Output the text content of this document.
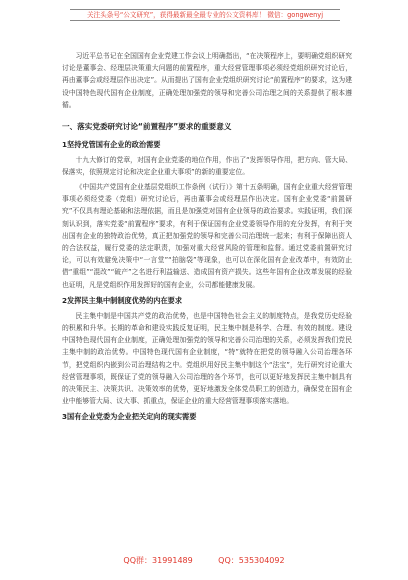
关注头条号“公文研究”，获得最新最全最专业的公文资料库！ 微信：gongwenyj

习近平总书记在全国国有企业党建工作会议上明确指出，“在决策程序上，要明确党组织研究讨论是董事会、经理层决策重大问题的前置程序，重大经营管理事项必须经党组织研究讨论后，再由董事会或经理层作出决定”。从而提出了国有企业党组织研究讨论“前置程序”的要求，这为建设中国特色现代国有企业制度，正确处理加强党的领导和完善公司治理之间的关系提供了根本遵循。

一、落实党委研究讨论“前置程序”要求的重要意义
1坚持党管国有企业的政治需要

十九大修订的党章，对国有企业党委的地位作用，作出了“发挥领导作用，把方向、管大局、保落实，依照规定讨论和决定企业重大事项”的新的重要定位。

《中国共产党国有企业基层党组织工作条例（试行）》第十五条明确，国有企业重大经营管理事项必须经党委（党组）研究讨论后，再由董事会或经理层作出决定。国有企业党委“前置研究”不仅具有理论基础和法理依据，而且是加强党对国有企业领导的政治要求。实践证明，我们深刻认识到，落实党委“前置程序”要求，有利于保证国有企业党委领导作用的充分发挥，有利于突出国有企业的独特政治优势，真正把加强党的领导和完善公司治理统一起来；有利于保障出资人的合法权益，履行党委的法定职责，加强对重大经营风险的管理和监督。通过党委前置研究讨论，可以有效避免决策中“一言堂”“拍脑袋”等现象，也可以在深化国有企业改革中，有效防止借“重组”“混改”“破产”之名进行利益输送、造成国有资产损失。这些年国有企业改革发展的经验也证明，凡是党组织作用发挥好的国有企业，公司都能健康发展。

2发挥民主集中制制度优势的内在要求

民主集中制是中国共产党的政治优势，也是中国特色社会主义的制度特点，是我党历史经验的积累和升华。长期的革命和建设实践反复证明，民主集中制是科学、合理、有效的制度。建设中国特色现代国有企业制度，正确处理加强党的领导和完善公司治理的关系，必须发挥我们党民主集中制的政治优势。中国特色现代国有企业制度，“特”就特在把党的领导融入公司治理各环节，把党组织内嵌到公司治理结构之中。党组织用好民主集中制这个“法宝”，先行研究讨论重大经营管理事项，既保证了党的领导融入公司治理的各个环节，也可以更好地发挥民主集中制具有的决策民主、决策共识、决策效率的优势，更好地激发全体党员职工的创造力，确保党在国有企业中能够管大局、议大事、抓重点，保证企业的重大经营管理事项落实落地。

3国有企业党委为企业把关定向的现实需要
QQ群：31991489	QQ：535304092
